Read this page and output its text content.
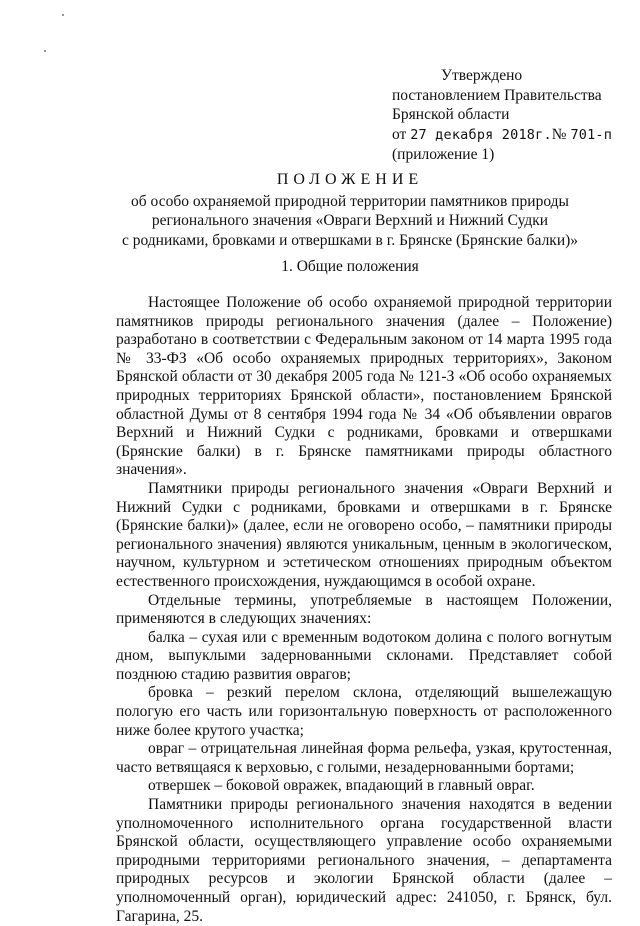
Утверждено
постановлением Правительства
Брянской области
от 27 декабря 2018г.№ 701-п
(приложение 1)
ПОЛОЖЕНИЕ
об особо охраняемой природной территории памятников природы
регионального значения «Овраги Верхний и Нижний Судки
с родниками, бровками и отвершками в г. Брянске (Брянские балки)»
1. Общие положения

Настоящее Положение об особо охраняемой природной территории памятников природы регионального значения (далее – Положение) разработано в соответствии с Федеральным законом от 14 марта 1995 года № 33-ФЗ «Об особо охраняемых природных территориях», Законом Брянской области от 30 декабря 2005 года № 121-З «Об особо охраняемых природных территориях Брянской области», постановлением Брянской областной Думы от 8 сентября 1994 года № 34 «Об объявлении оврагов Верхний и Нижний Судки с родниками, бровками и отвершками (Брянские балки) в г. Брянске памятниками природы областного значения».

Памятники природы регионального значения «Овраги Верхний и Нижний Судки с родниками, бровками и отвершками в г. Брянске (Брянские балки)» (далее, если не оговорено особо, – памятники природы регионального значения) являются уникальным, ценным в экологическом, научном, культурном и эстетическом отношениях природным объектом естественного происхождения, нуждающимся в особой охране.

Отдельные термины, употребляемые в настоящем Положении, применяются в следующих значениях:

балка – сухая или с временным водотоком долина с полого вогнутым дном, выпуклыми задернованными склонами. Представляет собой позднюю стадию развития оврагов;

бровка – резкий перелом склона, отделяющий вышележащую пологую его часть или горизонтальную поверхность от расположенного ниже более крутого участка;

овраг – отрицательная линейная форма рельефа, узкая, крутостенная, часто ветвящаяся к верховью, с голыми, незадернованными бортами;

отвершек – боковой овражек, впадающий в главный овраг.

Памятники природы регионального значения находятся в ведении уполномоченного исполнительного органа государственной власти Брянской области, осуществляющего управление особо охраняемыми природными территориями регионального значения, – департамента природных ресурсов и экологии Брянской области (далее – уполномоченный орган), юридический адрес: 241050, г. Брянск, бул. Гагарина, 25.
